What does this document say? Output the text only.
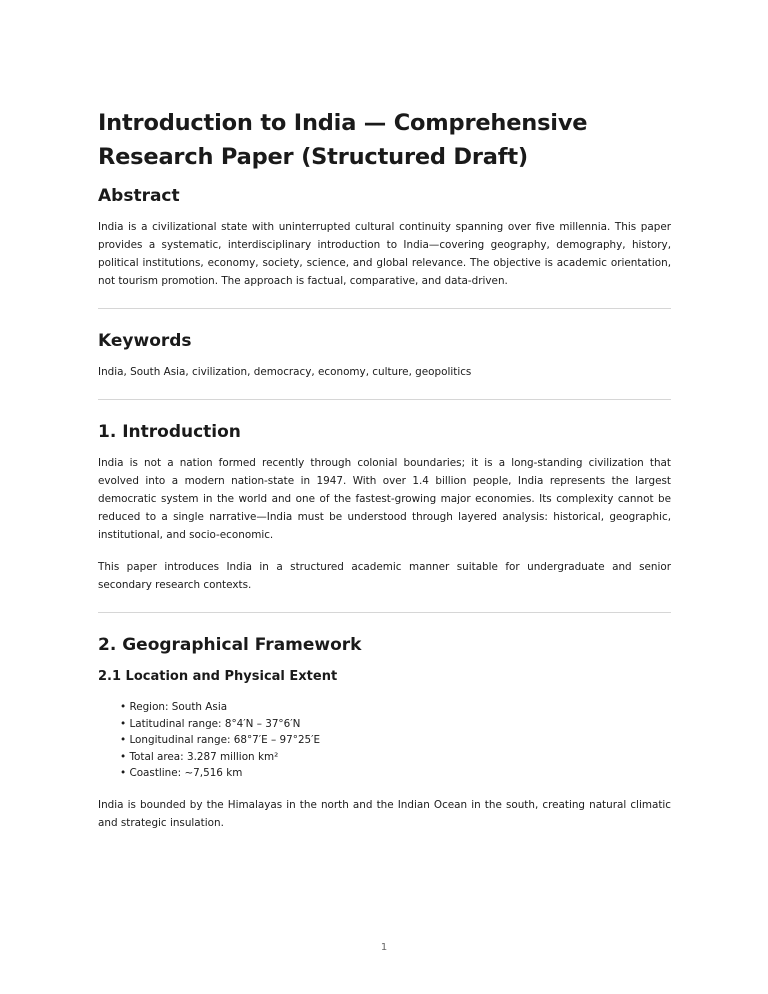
Introduction to India — Comprehensive Research Paper (Structured Draft)
Abstract

India is a civilizational state with uninterrupted cultural continuity spanning over five millennia. This paper provides a systematic, interdisciplinary introduction to India—covering geography, demography, history, political institutions, economy, society, science, and global relevance. The objective is academic orientation, not tourism promotion. The approach is factual, comparative, and data-driven.

Keywords

India, South Asia, civilization, democracy, economy, culture, geopolitics

1. Introduction

India is not a nation formed recently through colonial boundaries; it is a long-standing civilization that evolved into a modern nation-state in 1947. With over 1.4 billion people, India represents the largest democratic system in the world and one of the fastest-growing major economies. Its complexity cannot be reduced to a single narrative—India must be understood through layered analysis: historical, geographic, institutional, and socio-economic.

This paper introduces India in a structured academic manner suitable for undergraduate and senior secondary research contexts.

2. Geographical Framework
2.1 Location and Physical Extent
• Region: South Asia
• Latitudinal range: 8°4′N – 37°6′N
• Longitudinal range: 68°7′E – 97°25′E
• Total area: 3.287 million km²
• Coastline: ~7,516 km

India is bounded by the Himalayas in the north and the Indian Ocean in the south, creating natural climatic and strategic insulation.

1
